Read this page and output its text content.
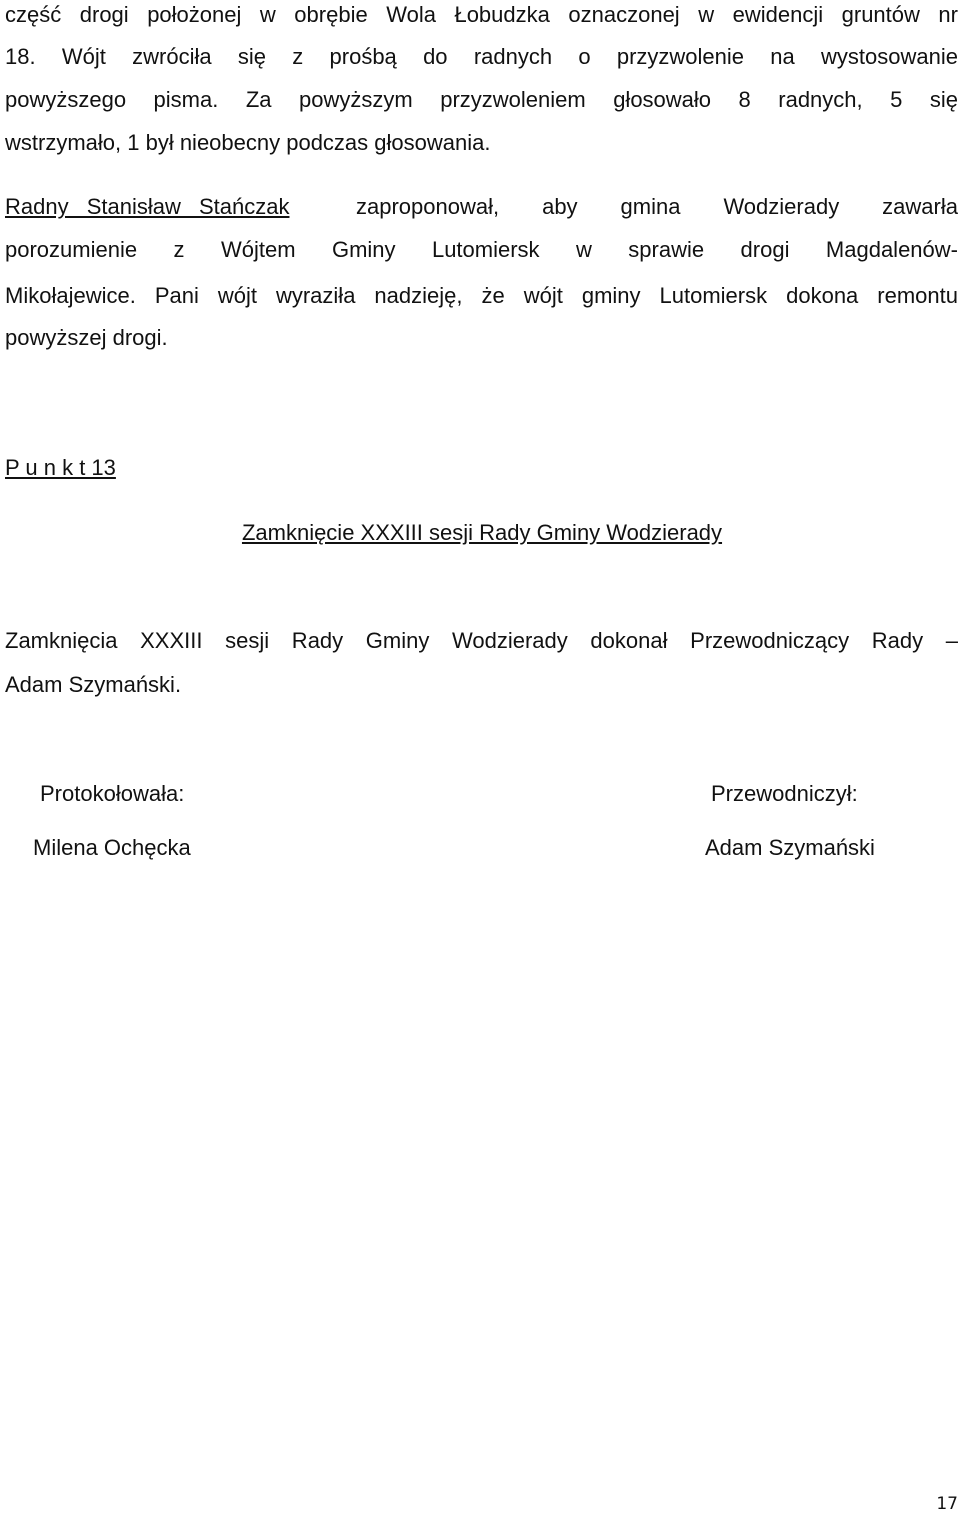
część drogi położonej w obrębie Wola Łobudzka oznaczonej w ewidencji gruntów nr
18. Wójt zwróciła się z prośbą do radnych o przyzwolenie na wystosowanie
powyższego pisma. Za powyższym przyzwoleniem głosowało 8 radnych, 5 się
wstrzymało, 1 był nieobecny podczas głosowania.
Radny Stanisław Stańczak	zaproponował, aby gmina Wodzierady zawarła
porozumienie z Wójtem Gminy Lutomiersk w sprawie drogi Magdalenów-
Mikołajewice. Pani wójt wyraziła nadzieję, że wójt gminy Lutomiersk dokona remontu
powyższej drogi.
P u n k t 13
Zamknięcie XXXIII sesji Rady Gminy Wodzierady
Zamknięcia XXXIII sesji Rady Gminy Wodzierady dokonał Przewodniczący Rady –
Adam Szymański.
Protokołowała:
Milena Ochęcka
Przewodniczył:
Adam Szymański
17
